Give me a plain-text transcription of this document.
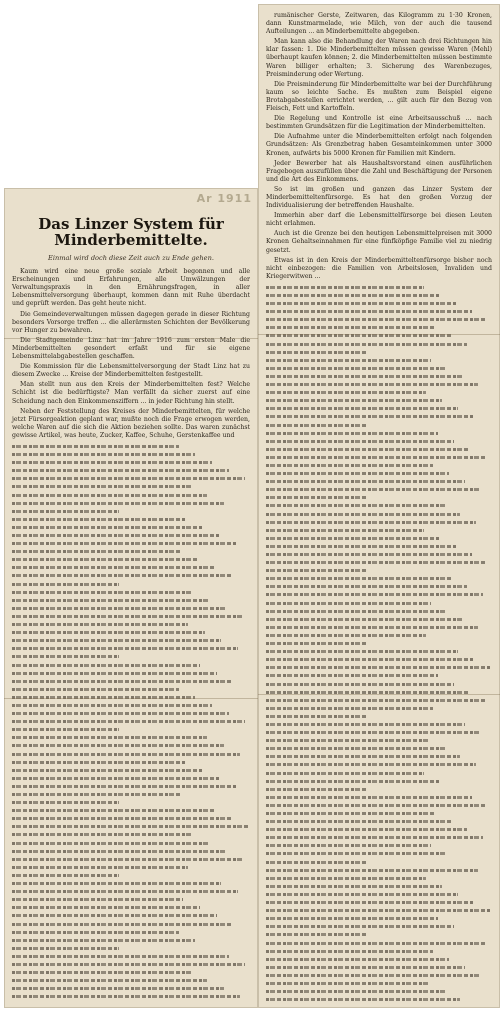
rumänischer Gerste, Zeitwaren, das Kilogramm zu 1·30 Kronen, dann Kunstmarmelade, wie Milch, von der auch die tausend Aufteilungen ... an Minderbemittelte abgegeben.

Man kann also die Behandlung der Waren nach drei Richtungen hin klar fassen: 1. Die Minderbemittelten müssen gewisse Waren (Mehl) überhaupt kaufen können; 2. die Minderbemittelten müssen bestimmte Waren billiger erhalten; 3. Sicherung des Warenbezuges, Preisminderung oder Wertung.

Die Preisminderung für Minderbemittelte war bei der Durchführung kaum so leichte Sache. Es mußten zum Beispiel eigene Brotabgabestellen errichtet werden, ... gilt auch für den Bezug von Fleisch, Fett und Kartoffeln.

Die Regelung und Kontrolle ist eine Arbeitsausschuß ... nach bestimmten Grundsätzen für die Legitimation der Minderbemittelten.

Die Aufnahme unter die Minderbemittelten erfolgt nach folgenden Grundsätzen: Als Grenzbetrag haben Gesamteinkommen unter 3000 Kronen, aufwärts bis 5000 Kronen für Familien mit Kindern.

Jeder Bewerber hat als Haushaltsvorstand einen ausführlichen Fragebogen auszufüllen über die Zahl und Beschäftigung der Personen und die Art des Einkommens.

So ist im großen und ganzen das Linzer System der Minderbemitteltenfürsorge. Es hat den großen Vorzug der Individualisierung der betreffenden Haushalte.

Immerhin aber darf die Lebensmittelfürsorge bei diesen Leuten nicht erlahmen.

Auch ist die Grenze bei den heutigen Lebensmittelpreisen mit 3000 Kronen Gehaltseinnahmen für eine fünfköpfige Familie viel zu niedrig gesetzt.

Etwas ist in den Kreis der Minderbemitteltenfürsorge bisher noch nicht einbezogen: die Familien von Arbeitslosen, Invaliden und Kriegerwitwen ...

Ar 1911
Das Linzer System für Minderbemittelte.
Einmal wird doch diese Zeit auch zu Ende gehen.

Kaum wird eine neue große soziale Arbeit begonnen und alle Erscheinungen und Erfahrungen, alle Umwälzungen der Verwaltungspraxis in den Ernährungsfragen, in aller Lebensmittelversorgung überhaupt, kommen dann mit Ruhe überdacht und geprüft werden. Das geht heute nicht.

Die Gemeindeverwaltungen müssen dagegen gerade in dieser Richtung besonders Vorsorge treffen ... die allerärmsten Schichten der Bevölkerung vor Hunger zu bewahren.

Die Stadtgemeinde Linz hat im Jahre 1916 zum ersten Male die Minderbemittelten gesondert erfaßt und für sie eigene Lebensmittelabgabestellen geschaffen.

Die Kommission für die Lebensmittelversorgung der Stadt Linz hat zu diesem Zwecke ... Kreise der Minderbemittelten festgestellt.

Man stellt nun aus den Kreis der Minderbemittelten fest? Welche Schicht ist die bedürftigste? Man verfällt da sicher zuerst auf eine Scheidung nach den Einkommensziffern ... in jeder Richtung hin stellt.

Neben der Feststellung des Kreises der Minderbemittelten, für welche jetzt Fürsorgeaktion geplant war, mußte noch die Frage erwogen werden, welche Waren auf die sich die Aktion beziehen sollte. Das waren zunächst gewisse Artikel, was heute, Zucker, Kaffee, Schuhe, Gerstenkaffee und
